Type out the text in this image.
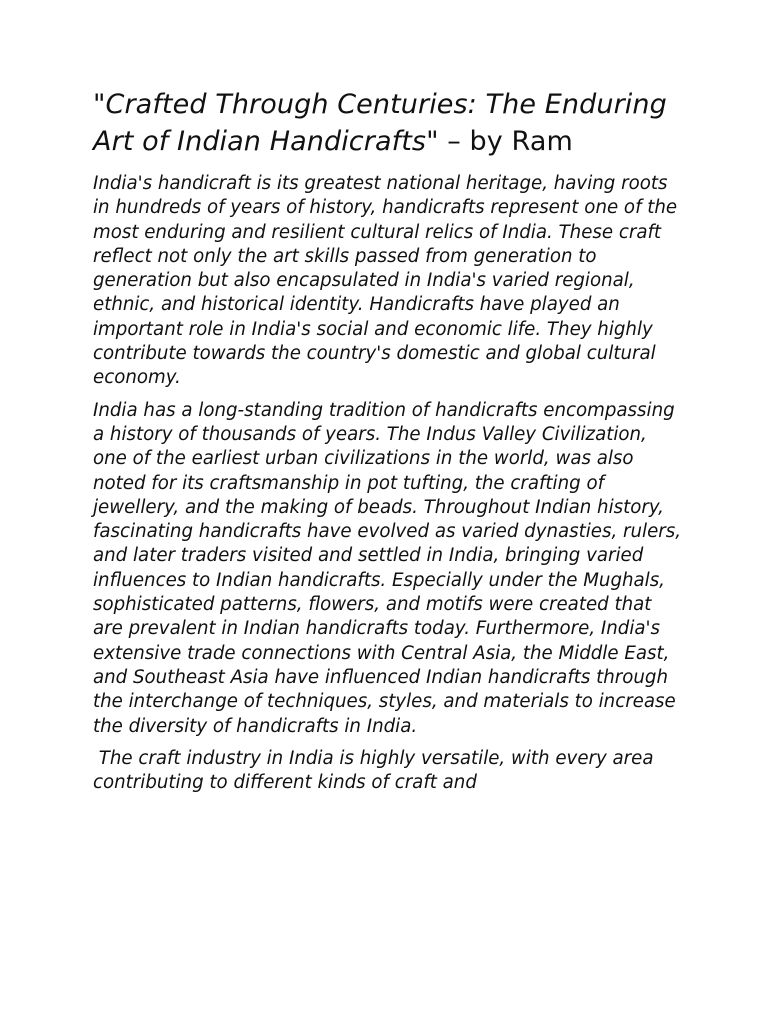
"Crafted Through Centuries: The Enduring Art of Indian Handicrafts" – by Ram

India's handicraft is its greatest national heritage, having roots in hundreds of years of history, handicrafts represent one of the most enduring and resilient cultural relics of India. These craft reflect not only the art skills passed from generation to generation but also encapsulated in India's varied regional, ethnic, and historical identity. Handicrafts have played an important role in India's social and economic life. They highly contribute towards the country's domestic and global cultural economy.

India has a long-standing tradition of handicrafts encompassing a history of thousands of years. The Indus Valley Civilization, one of the earliest urban civilizations in the world, was also noted for its craftsmanship in pot tufting, the crafting of jewellery, and the making of beads. Throughout Indian history, fascinating handicrafts have evolved as varied dynasties, rulers, and later traders visited and settled in India, bringing varied influences to Indian handicrafts. Especially under the Mughals, sophisticated patterns, flowers, and motifs were created that are prevalent in Indian handicrafts today. Furthermore, India's extensive trade connections with Central Asia, the Middle East, and Southeast Asia have influenced Indian handicrafts through the interchange of techniques, styles, and materials to increase the diversity of handicrafts in India.

The craft industry in India is highly versatile, with every area contributing to different kinds of craft and
